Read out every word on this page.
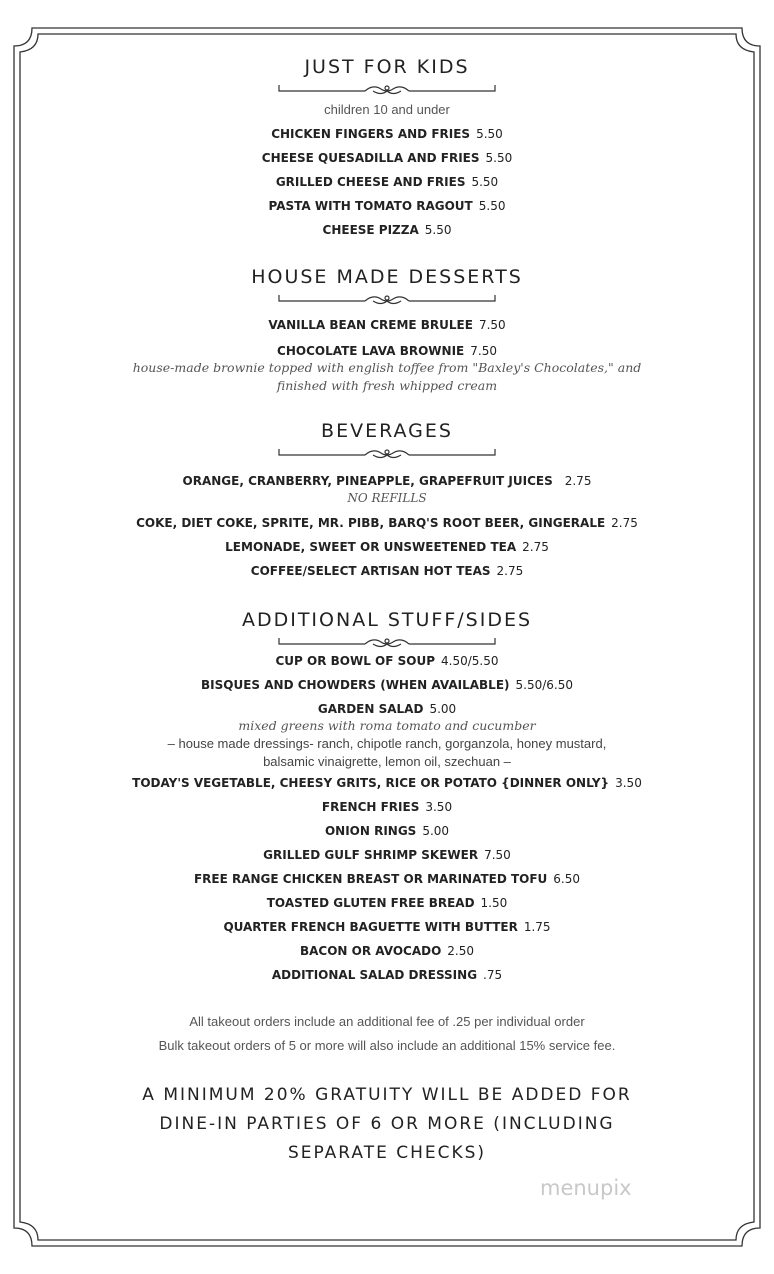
JUST FOR KIDS
children 10 and under
CHICKEN FINGERS AND FRIES 5.50
CHEESE QUESADILLA AND FRIES 5.50
GRILLED CHEESE AND FRIES 5.50
PASTA WITH TOMATO RAGOUT 5.50
CHEESE PIZZA 5.50
HOUSE MADE DESSERTS
VANILLA BEAN CREME BRULEE 7.50
CHOCOLATE LAVA BROWNIE 7.50
house-made brownie topped with english toffee from "Baxley's Chocolates," and
finished with fresh whipped cream
BEVERAGES
ORANGE, CRANBERRY, PINEAPPLE, GRAPEFRUIT JUICES 2.75
NO REFILLS
COKE, DIET COKE, SPRITE, MR. PIBB, BARQ'S ROOT BEER, GINGERALE 2.75
LEMONADE, SWEET OR UNSWEETENED TEA 2.75
COFFEE/SELECT ARTISAN HOT TEAS 2.75
ADDITIONAL STUFF/SIDES
CUP OR BOWL OF SOUP 4.50/5.50
BISQUES AND CHOWDERS (WHEN AVAILABLE) 5.50/6.50
GARDEN SALAD 5.00
mixed greens with roma tomato and cucumber
– house made dressings- ranch, chipotle ranch, gorganzola, honey mustard,
balsamic vinaigrette, lemon oil, szechuan –
TODAY'S VEGETABLE, CHEESY GRITS, RICE OR POTATO {DINNER ONLY} 3.50
FRENCH FRIES 3.50
ONION RINGS 5.00
GRILLED GULF SHRIMP SKEWER 7.50
FREE RANGE CHICKEN BREAST OR MARINATED TOFU 6.50
TOASTED GLUTEN FREE BREAD 1.50
QUARTER FRENCH BAGUETTE WITH BUTTER 1.75
BACON OR AVOCADO 2.50
ADDITIONAL SALAD DRESSING .75
All takeout orders include an additional fee of .25 per individual order
Bulk takeout orders of 5 or more will also include an additional 15% service fee.
A MINIMUM 20% GRATUITY WILL BE ADDED FOR
DINE-IN PARTIES OF 6 OR MORE (INCLUDING
SEPARATE CHECKS)
menupix
